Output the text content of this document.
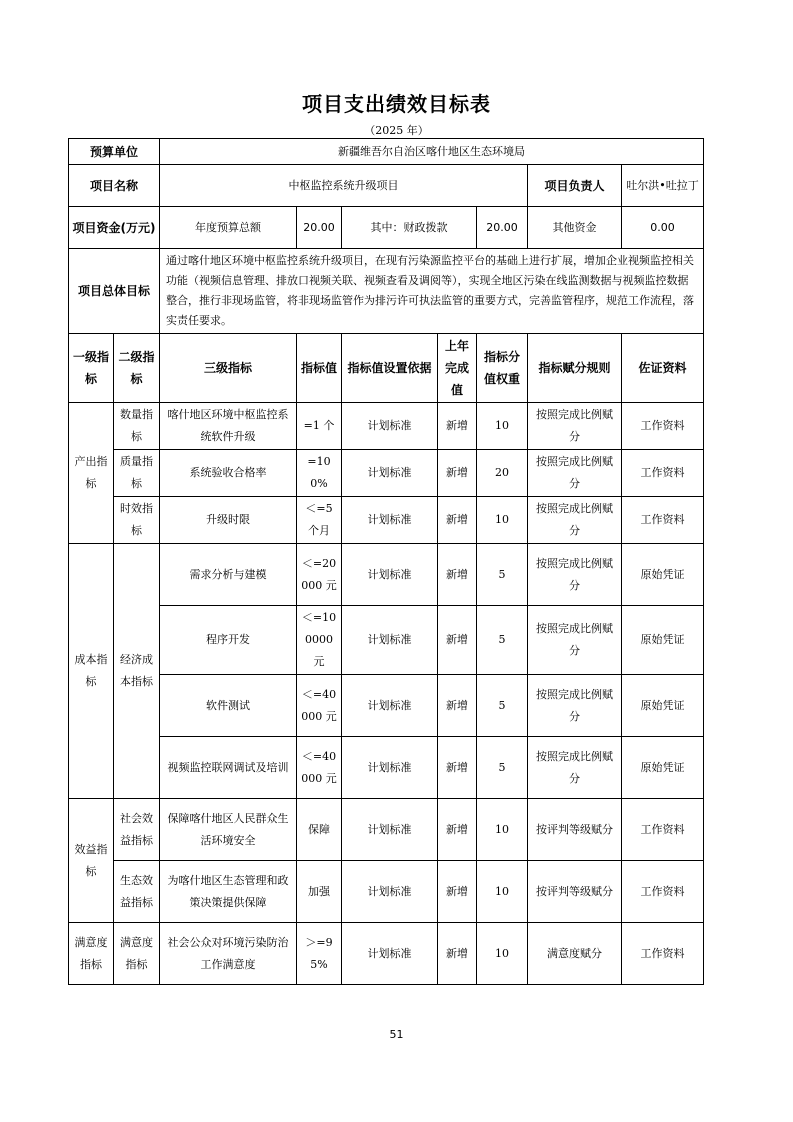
项目支出绩效目标表
（2025 年）
预算单位		新疆维吾尔自治区喀什地区生态环境局						
项目名称		中枢监控系统升级项目					项目负责人	吐尔洪•吐拉丁
项目资金(万元)		年度预算总额	20.00	其中：财政拨款		20.00	其他资金	0.00
项目总体目标		通过喀什地区环境中枢监控系统升级项目，在现有污染源监控平台的基础上进行扩展，增加企业视频监控相关功能（视频信息管理、排放口视频关联、视频查看及调阅等），实现全地区污染在线监测数据与视频监控数据整合，推行非现场监管，将非现场监管作为排污许可执法监管的重要方式，完善监管程序，规范工作流程，落实责任要求。						
一级指标	二级指标	三级指标	指标值	指标值设置依据	上年完成值	指标分值权重	指标赋分规则	佐证资料
产出指标	数量指标	喀什地区环境中枢监控系统软件升级	=1 个	计划标准	新增	10	按照完成比例赋分	工作资料
	质量指标	系统验收合格率	=100%	计划标准	新增	20	按照完成比例赋分	工作资料
	时效指标	升级时限	＜=5 个月	计划标准	新增	10	按照完成比例赋分	工作资料
成本指标	经济成本指标	需求分析与建模	＜=20000 元	计划标准	新增	5	按照完成比例赋分	原始凭证
		程序开发	＜=100000 元	计划标准	新增	5	按照完成比例赋分	原始凭证
		软件测试	＜=40000 元	计划标准	新增	5	按照完成比例赋分	原始凭证
		视频监控联网调试及培训	＜=40000 元	计划标准	新增	5	按照完成比例赋分	原始凭证
效益指标	社会效益指标	保障喀什地区人民群众生活环境安全	保障	计划标准	新增	10	按评判等级赋分	工作资料
	生态效益指标	为喀什地区生态管理和政策决策提供保障	加强	计划标准	新增	10	按评判等级赋分	工作资料
满意度指标	满意度指标	社会公众对环境污染防治工作满意度	＞=95%	计划标准	新增	10	满意度赋分	工作资料
51
